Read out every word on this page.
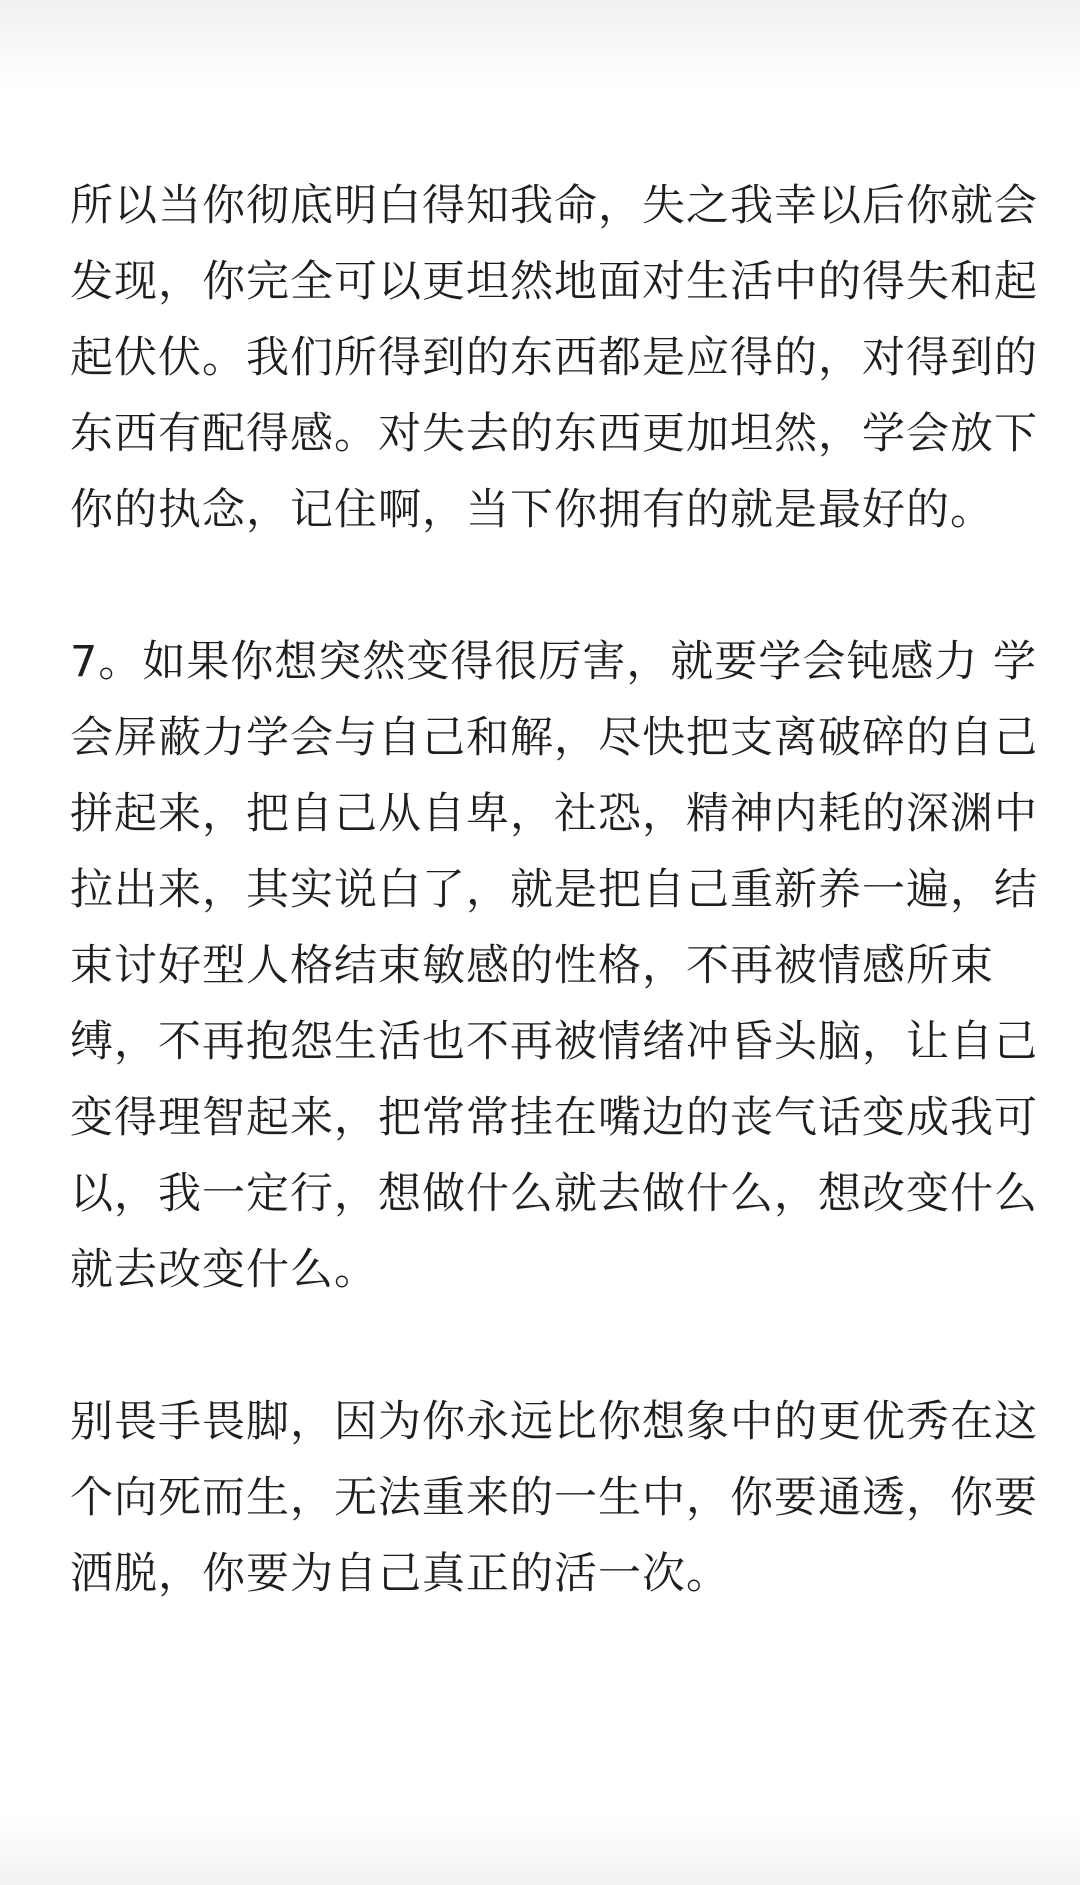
所以当你彻底明白得知我命，失之我幸以后你就会发现，你完全可以更坦然地面对生活中的得失和起起伏伏。我们所得到的东西都是应得的，对得到的东西有配得感。对失去的东西更加坦然，学会放下你的执念，记住啊，当下你拥有的就是最好的。

7。如果你想突然变得很厉害，就要学会钝感力 学会屏蔽力学会与自己和解，尽快把支离破碎的自己拼起来，把自己从自卑，社恐，精神内耗的深渊中拉出来，其实说白了，就是把自己重新养一遍，结束讨好型人格结束敏感的性格，不再被情感所束缚，不再抱怨生活也不再被情绪冲昏头脑，让自己变得理智起来，把常常挂在嘴边的丧气话变成我可以，我一定行，想做什么就去做什么，想改变什么就去改变什么。

别畏手畏脚，因为你永远比你想象中的更优秀在这个向死而生，无法重来的一生中，你要通透，你要洒脱，你要为自己真正的活一次。
